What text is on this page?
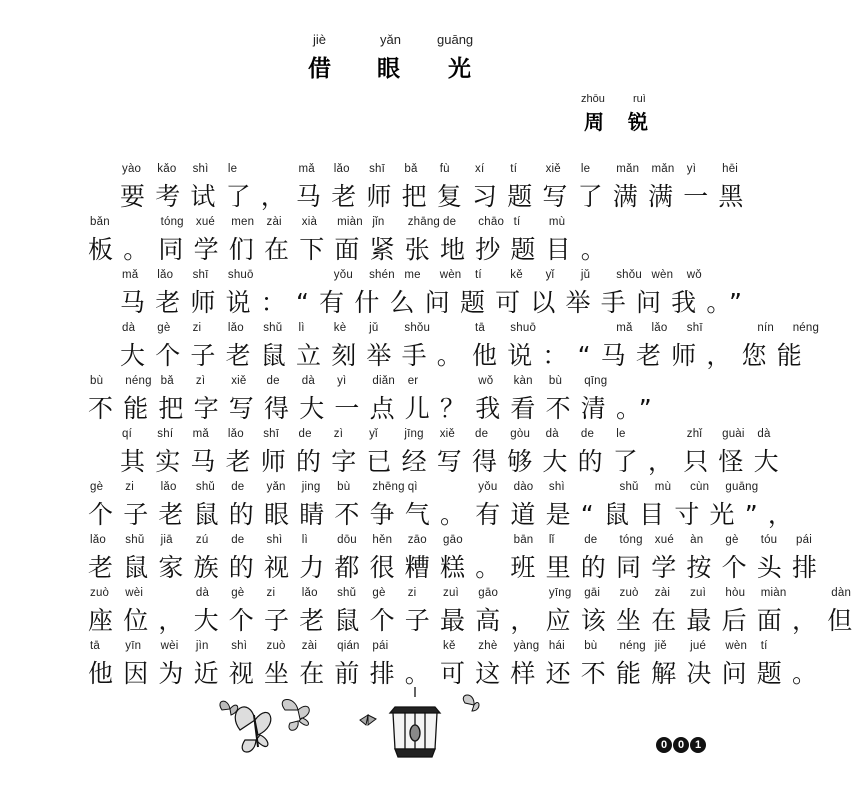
jiè	yǎn	guāng
借 眼 光
zhōu	ruì
周 锐
要考试了，马老师把复习题写了满满一黑
yào kǎo shì le	mǎ lǎo shī bǎ fù xí tí xiě le mǎn mǎn yì hēi
板。同学们在下面紧张地抄题目。
bǎn	tóng xué men zài xià miàn jǐn zhāng de chāo tí mù
马老师说：“有什么问题可以举手问我。”
mǎ lǎo shī shuō	yǒu shén me wèn tí kě yǐ jǔ shǒu wèn wǒ
大个子老鼠立刻举手。他说：“马老师，您能
dà gè zi lǎo shǔ lì	kè jǔ shǒu	tā shuō	mǎ lǎo shī	nín néng
不能把字写得大一点儿？我看不清。”
bù néng bǎ zì xiě de dà yì diǎn er	wǒ kàn bù qīng
其实马老师的字已经写得够大的了，只怪大
qí shí mǎ lǎo shī de zì yǐ jīng xiě de gòu dà de le	zhǐ guài dà
个子老鼠的眼睛不争气。有道是“鼠目寸光”，
gè zi lǎo shǔ de yǎn jing bù zhēng qì	yǒu dào shì	shǔ mù cùn guāng
老鼠家族的视力都很糟糕。班里的同学按个头排
lǎo shǔ jiā zú de shì lì	dōu hěn zāo gāo	bān lǐ	de tóng xué àn gè tóu pái
座位，大个子老鼠个子最高，应该坐在最后面，但
zuò wèi	dà gè zi lǎo shǔ gè zi zuì gāo	yīng gāi zuò zài zuì hòu miàn	dàn
他因为近视坐在前排。可这样还不能解决问题。
tā yīn wèi jìn shì zuò zài qián pái	kě zhè yàng hái bù néng jiě jué wèn tí
0 0 1
